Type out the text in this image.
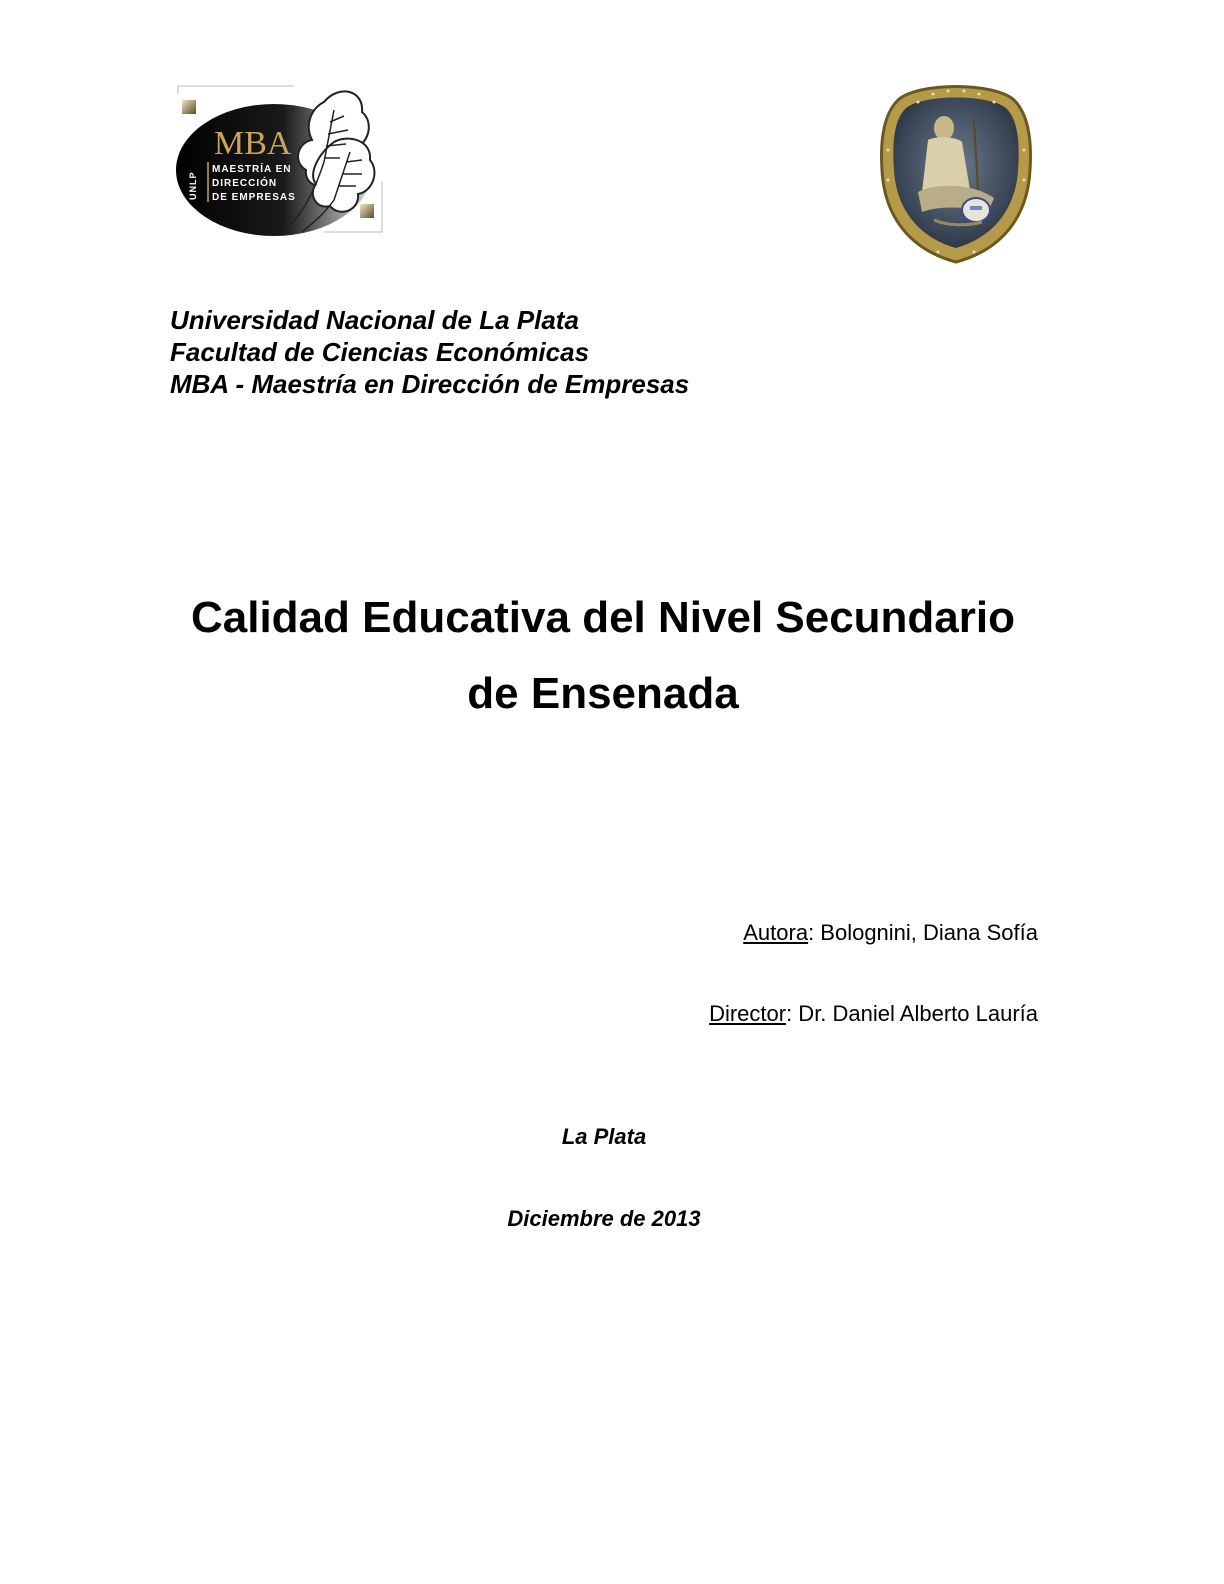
MBA
UNLP
MAESTRÍA EN
DIRECCIÓN
DE EMPRESAS
Universidad Nacional de La Plata
Facultad de Ciencias Económicas
MBA - Maestría en Dirección de Empresas
Calidad Educativa del Nivel Secundario
de Ensenada
Autora: Bolognini, Diana Sofía
Director: Dr. Daniel Alberto Lauría
La Plata
Diciembre de 2013
